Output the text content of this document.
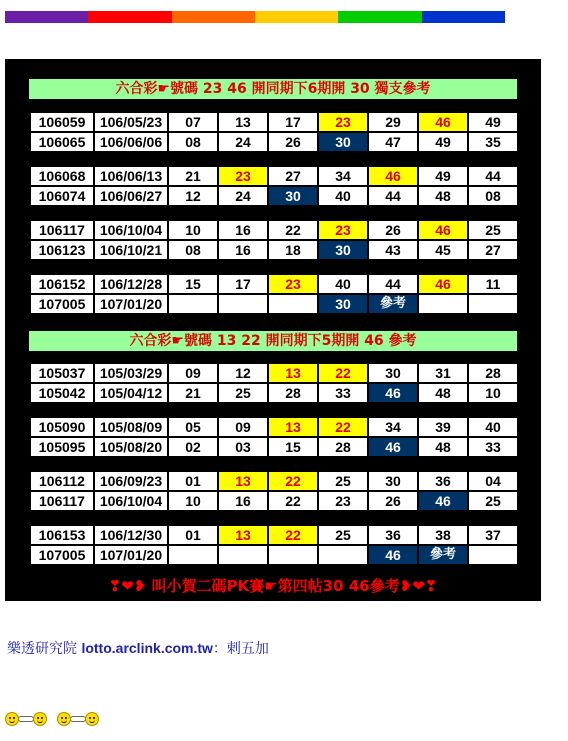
六合彩☛號碼 23 46 開同期下6期開 30 獨支參考
六合彩☛號碼 13 22 開同期下5期開 46 參考
❣❤❥ 叫小賀二碼PK賽☛第四帖30 46參考❥❤❣
106059	106/05/23	07	13	17	23	29	46	49
106065	106/06/06	08	24	26	30	47	49	35
106068	106/06/13	21	23	27	34	46	49	44
106074	106/06/27	12	24	30	40	44	48	08
106117	106/10/04	10	16	22	23	26	46	25
106123	106/10/21	08	16	18	30	43	45	27
106152	106/12/28	15	17	23	40	44	46	11
107005	107/01/20				30	參考		
105037	105/03/29	09	12	13	22	30	31	28
105042	105/04/12	21	25	28	33	46	48	10
105090	105/08/09	05	09	13	22	34	39	40
105095	105/08/20	02	03	15	28	46	48	33
106112	106/09/23	01	13	22	25	30	36	04
106117	106/10/04	10	16	22	23	26	46	25
106153	106/12/30	01	13	22	25	36	38	37
107005	107/01/20					46	參考	
樂透研究院 lotto.arclink.com.tw：剌五加
